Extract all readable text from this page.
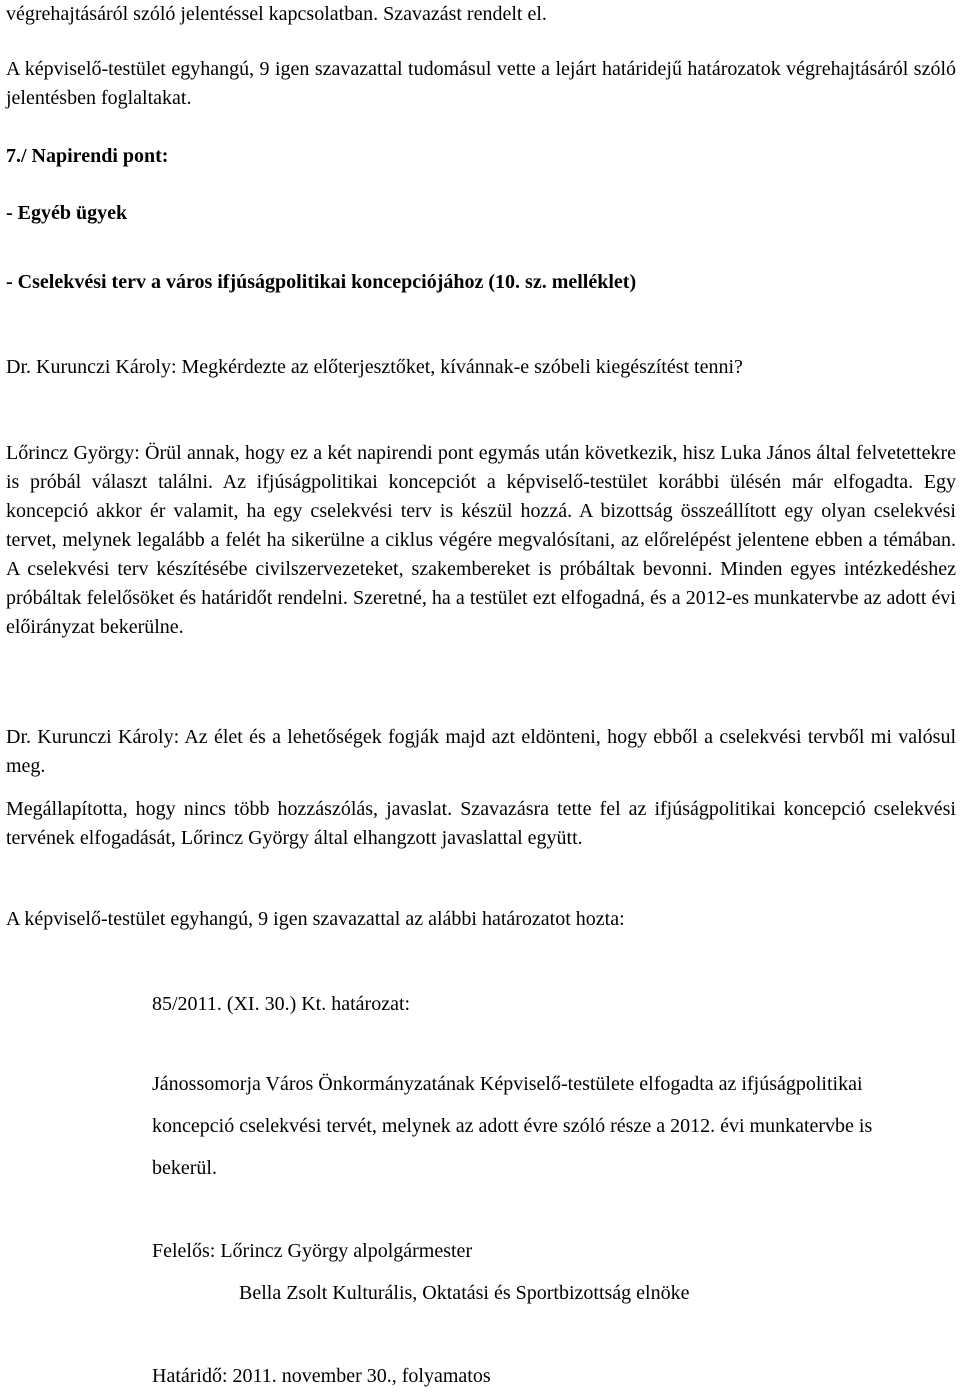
végrehajtásáról szóló jelentéssel kapcsolatban. Szavazást rendelt el.
A képviselő-testület egyhangú, 9 igen szavazattal tudomásul vette a lejárt határidejű határozatok végrehajtásáról szóló jelentésben foglaltakat.
7./ Napirendi pont:
- Egyéb ügyek
- Cselekvési terv a város ifjúságpolitikai koncepciójához (10. sz. melléklet)
Dr. Kurunczi Károly: Megkérdezte az előterjesztőket, kívánnak-e szóbeli kiegészítést tenni?
Lőrincz György: Örül annak, hogy ez a két napirendi pont egymás után következik, hisz Luka János által felvetettekre is próbál választ találni. Az ifjúságpolitikai koncepciót a képviselő-testület korábbi ülésén már elfogadta. Egy koncepció akkor ér valamit, ha egy cselekvési terv is készül hozzá. A bizottság összeállított egy olyan cselekvési tervet, melynek legalább a felét ha sikerülne a ciklus végére megvalósítani, az előrelépést jelentene ebben a témában. A cselekvési terv készítésébe civilszervezeteket, szakembereket is próbáltak bevonni. Minden egyes intézkedéshez próbáltak felelősöket és határidőt rendelni. Szeretné, ha a testület ezt elfogadná, és a 2012-es munkatervbe az adott évi előirányzat bekerülne.
Dr. Kurunczi Károly: Az élet és a lehetőségek fogják majd azt eldönteni, hogy ebből a cselekvési tervből mi valósul meg.
Megállapította, hogy nincs több hozzászólás, javaslat. Szavazásra tette fel az ifjúságpolitikai koncepció cselekvési tervének elfogadását, Lőrincz György által elhangzott javaslattal együtt.
A képviselő-testület egyhangú, 9 igen szavazattal az alábbi határozatot hozta:
85/2011. (XI. 30.) Kt. határozat:
Jánossomorja Város Önkormányzatának Képviselő-testülete elfogadta az ifjúságpolitikai koncepció cselekvési tervét, melynek az adott évre szóló része a 2012. évi munkatervbe is bekerül.
Felelős: Lőrincz György alpolgármester
Bella Zsolt Kulturális, Oktatási és Sportbizottság elnöke
Határidő: 2011. november 30., folyamatos
